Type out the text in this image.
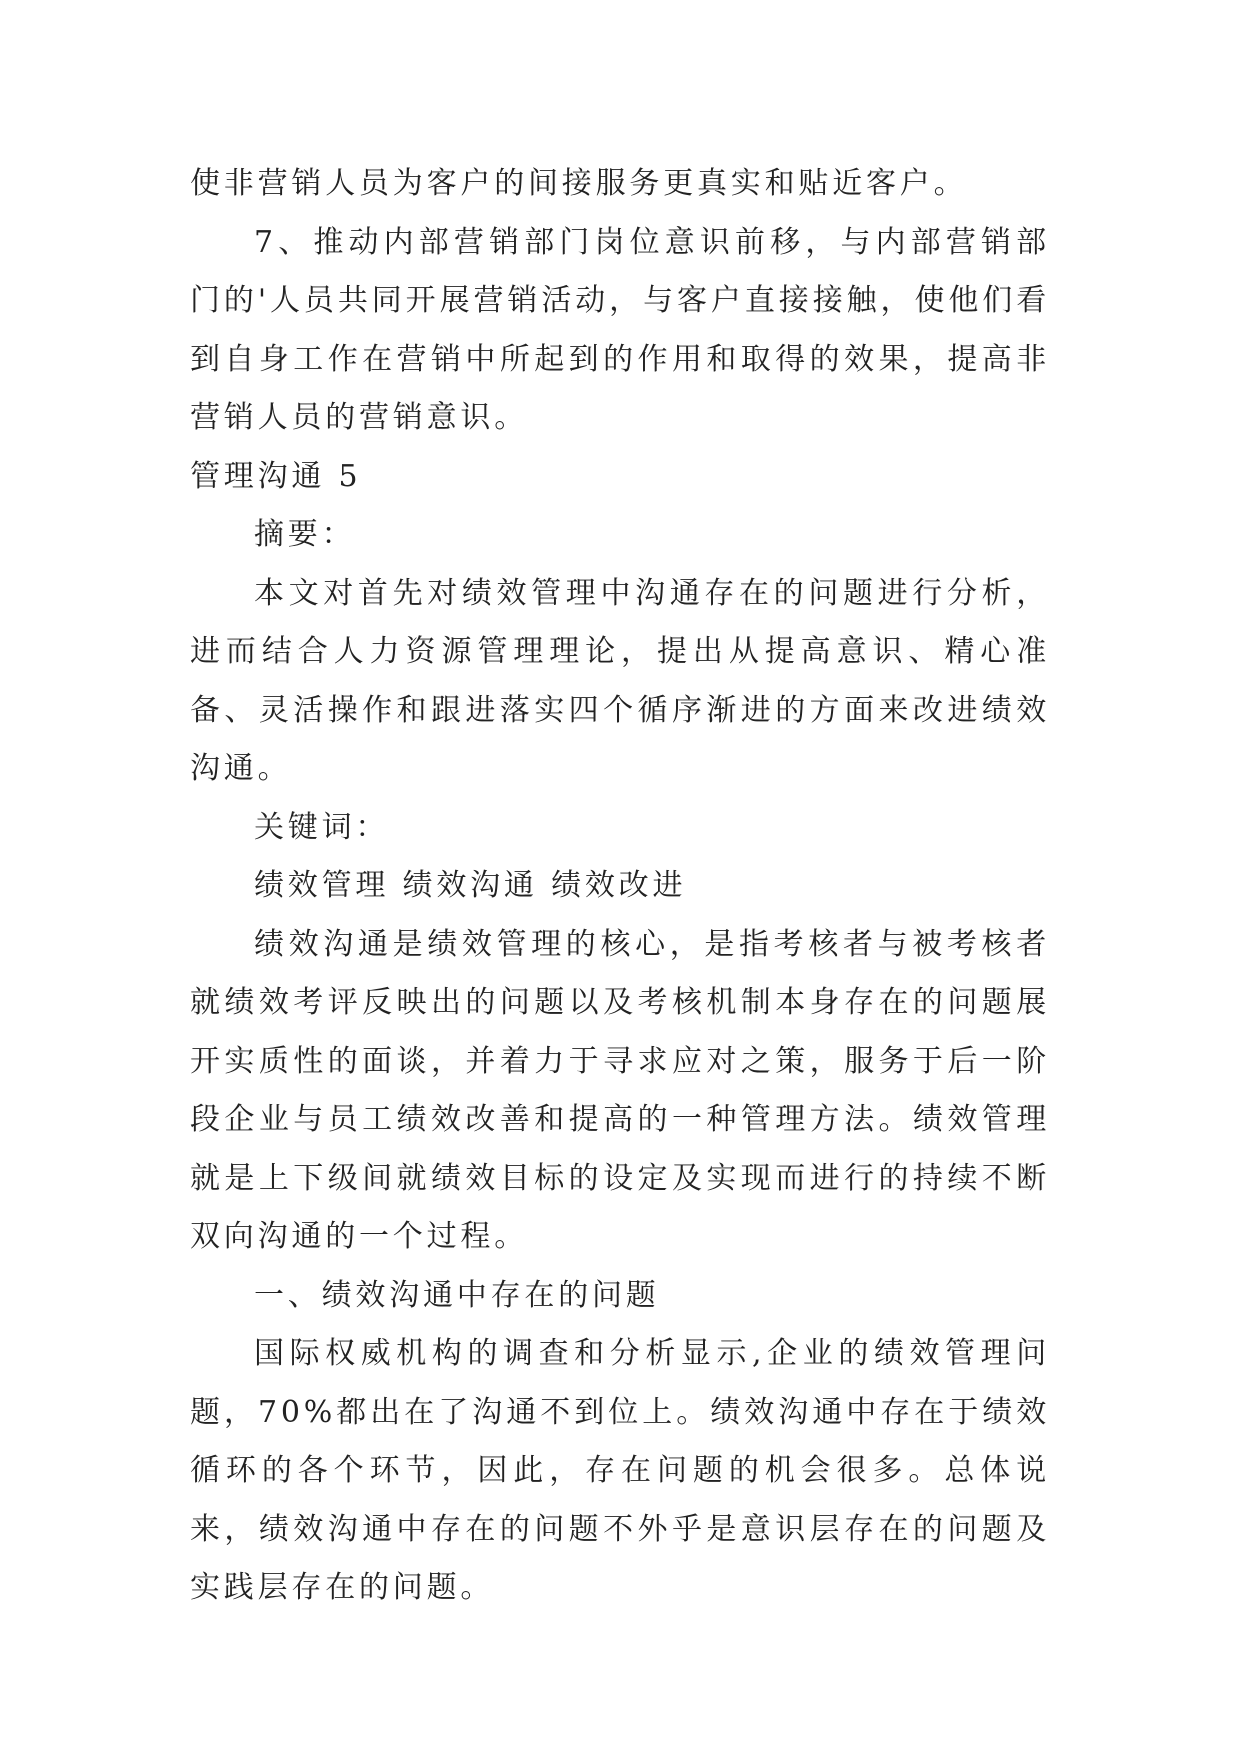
使非营销人员为客户的间接服务更真实和贴近客户。

7、推动内部营销部门岗位意识前移，与内部营销部门的'人员共同开展营销活动，与客户直接接触，使他们看到自身工作在营销中所起到的作用和取得的效果，提高非营销人员的营销意识。

管理沟通 5

摘要：

本文对首先对绩效管理中沟通存在的问题进行分析，进而结合人力资源管理理论，提出从提高意识、精心准备、灵活操作和跟进落实四个循序渐进的方面来改进绩效沟通。

关键词：

绩效管理 绩效沟通 绩效改进

绩效沟通是绩效管理的核心，是指考核者与被考核者就绩效考评反映出的问题以及考核机制本身存在的问题展开实质性的面谈，并着力于寻求应对之策，服务于后一阶段企业与员工绩效改善和提高的一种管理方法。绩效管理就是上下级间就绩效目标的设定及实现而进行的持续不断双向沟通的一个过程。

一、绩效沟通中存在的问题

国际权威机构的调查和分析显示,企业的绩效管理问题，70%都出在了沟通不到位上。绩效沟通中存在于绩效循环的各个环节，因此，存在问题的机会很多。总体说来，绩效沟通中存在的问题不外乎是意识层存在的问题及实践层存在的问题。
